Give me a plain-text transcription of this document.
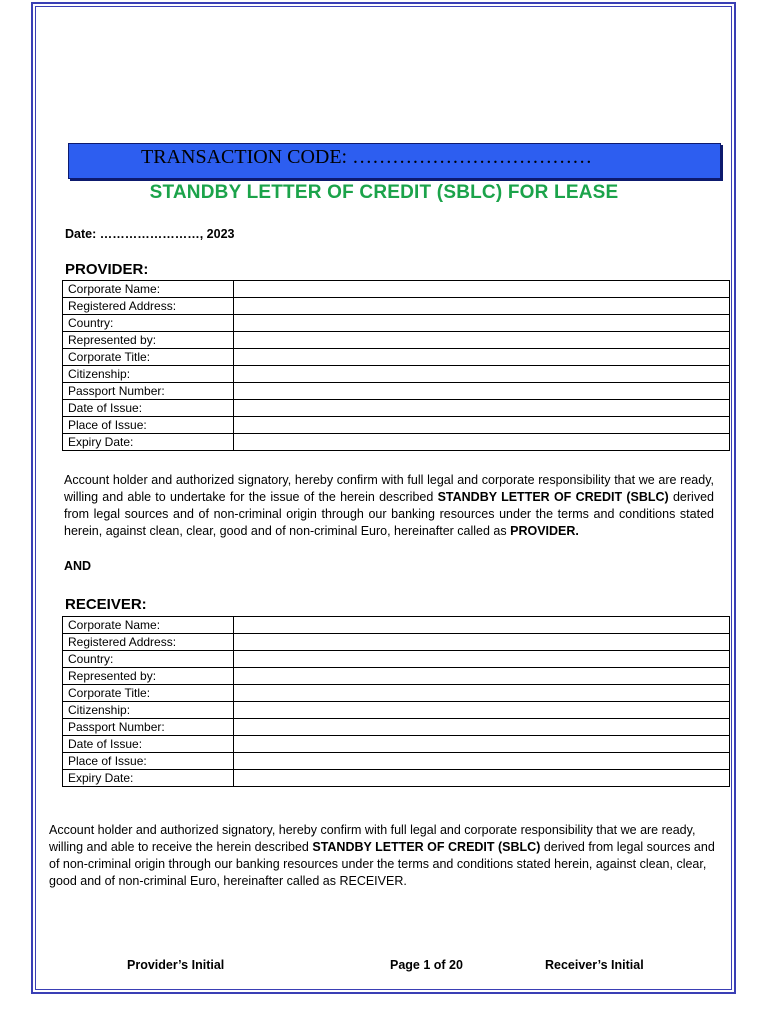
TRANSACTION CODE: ………………………………
STANDBY LETTER OF CREDIT (SBLC) FOR LEASE
Date: ……………………, 2023
PROVIDER:
Corporate Name:	
Registered Address:	
Country:	
Represented by:	
Corporate Title:	
Citizenship:	
Passport Number:	
Date of Issue:	
Place of Issue:	
Expiry Date:	
Account holder and authorized signatory, hereby confirm with full legal and corporate responsibility that we are ready, willing and able to undertake for the issue of the herein described STANDBY LETTER OF CREDIT (SBLC) derived from legal sources and of non-criminal origin through our banking resources under the terms and conditions stated herein, against clean, clear, good and of non-criminal Euro, hereinafter called as PROVIDER.
AND
RECEIVER:
Corporate Name:	
Registered Address:	
Country:	
Represented by:	
Corporate Title:	
Citizenship:	
Passport Number:	
Date of Issue:	
Place of Issue:	
Expiry Date:	
Account holder and authorized signatory, hereby confirm with full legal and corporate responsibility that we are ready, willing and able to receive the herein described STANDBY LETTER OF CREDIT (SBLC) derived from legal sources and of non-criminal origin through our banking resources under the terms and conditions stated herein, against clean, clear, good and of non-criminal Euro, hereinafter called as RECEIVER.
Provider’s Initial	Page 1 of 20	Receiver’s Initial
